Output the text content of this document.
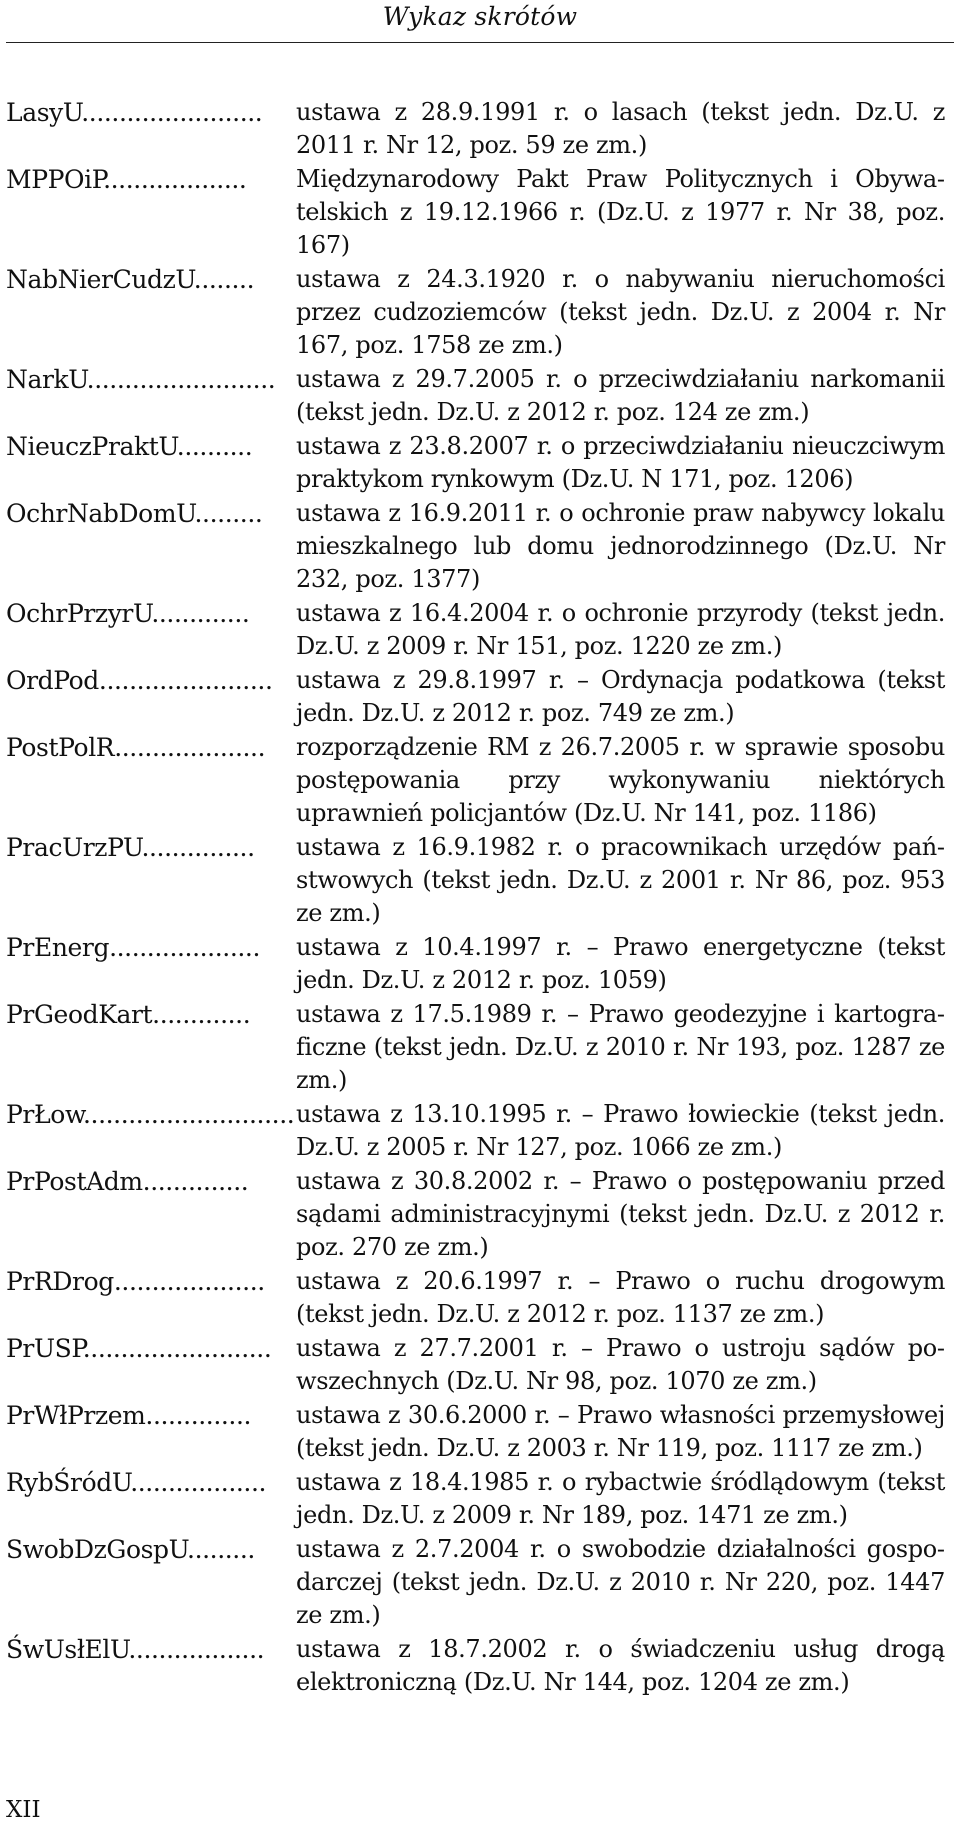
Wykaz skrótów
LasyU........................	ustawa z 28.9.1991 r. o lasach (tekst jedn. Dz.U. z 2011 r. Nr 12, poz. 59 ze zm.)
MPPOiP...................	Międzynarodowy Pakt Praw Politycznych i Obywatelskich z 19.12.1966 r. (Dz.U. z 1977 r. Nr 38, poz. 167)
NabNierCudzU........	ustawa z 24.3.1920 r. o nabywaniu nieruchomości przez cudzoziemców (tekst jedn. Dz.U. z 2004 r. Nr 167, poz. 1758 ze zm.)
NarkU......................... ustawa z 29.7.2005 r. o przeciwdziałaniu narkomanii (tekst jedn. Dz.U. z 2012 r. poz. 124 ze zm.)
NieuczPraktU..........	ustawa z 23.8.2007 r. o przeciwdziałaniu nieuczciwym praktykom rynkowym (Dz.U. N 171, poz. 1206)
OchrNabDomU.........	ustawa z 16.9.2011 r. o ochronie praw nabywcy lokalu mieszkalnego lub domu jednorodzinnego (Dz.U. Nr 232, poz. 1377)
OchrPrzyrU.............	ustawa z 16.4.2004 r. o ochronie przyrody (tekst jedn. Dz.U. z 2009 r. Nr 151, poz. 1220 ze zm.)
OrdPod....................... ustawa z 29.8.1997 r. – Ordynacja podatkowa (tekst jedn. Dz.U. z 2012 r. poz. 749 ze zm.)
PostPolR....................	rozporządzenie RM z 26.7.2005 r. w sprawie sposobu postępowania przy wykonywaniu niektórych uprawnień policjantów (Dz.U. Nr 141, poz. 1186)
PracUrzPU...............	ustawa z 16.9.1982 r. o pracownikach urzędów państwowych (tekst jedn. Dz.U. z 2001 r. Nr 86, poz. 953 ze zm.)
PrEnerg....................	ustawa z 10.4.1997 r. – Prawo energetyczne (tekst jedn. Dz.U. z 2012 r. poz. 1059)
PrGeodKart.............	ustawa z 17.5.1989 r. – Prawo geodezyjne i kartograficzne (tekst jedn. Dz.U. z 2010 r. Nr 193, poz. 1287 ze zm.)
PrŁow............................ ustawa z 13.10.1995 r. – Prawo łowieckie (tekst jedn. Dz.U. z 2005 r. Nr 127, poz. 1066 ze zm.)
PrPostAdm..............	ustawa z 30.8.2002 r. – Prawo o postępowaniu przed sądami administracyjnymi (tekst jedn. Dz.U. z 2012 r. poz. 270 ze zm.)
PrRDrog....................	ustawa z 20.6.1997 r. – Prawo o ruchu drogowym (tekst jedn. Dz.U. z 2012 r. poz. 1137 ze zm.)
PrUSP.........................	ustawa z 27.7.2001 r. – Prawo o ustroju sądów powszechnych (Dz.U. Nr 98, poz. 1070 ze zm.)
PrWłPrzem..............	ustawa z 30.6.2000 r. – Prawo własności przemysłowej (tekst jedn. Dz.U. z 2003 r. Nr 119, poz. 1117 ze zm.)
RybŚródU..................	ustawa z 18.4.1985 r. o rybactwie śródlądowym (tekst jedn. Dz.U. z 2009 r. Nr 189, poz. 1471 ze zm.)
SwobDzGospU.........	ustawa z 2.7.2004 r. o swobodzie działalności gospodarczej (tekst jedn. Dz.U. z 2010 r. Nr 220, poz. 1447 ze zm.)
ŚwUsłElU..................	ustawa z 18.7.2002 r. o świadczeniu usług drogą elektroniczną (Dz.U. Nr 144, poz. 1204 ze zm.)
XII
